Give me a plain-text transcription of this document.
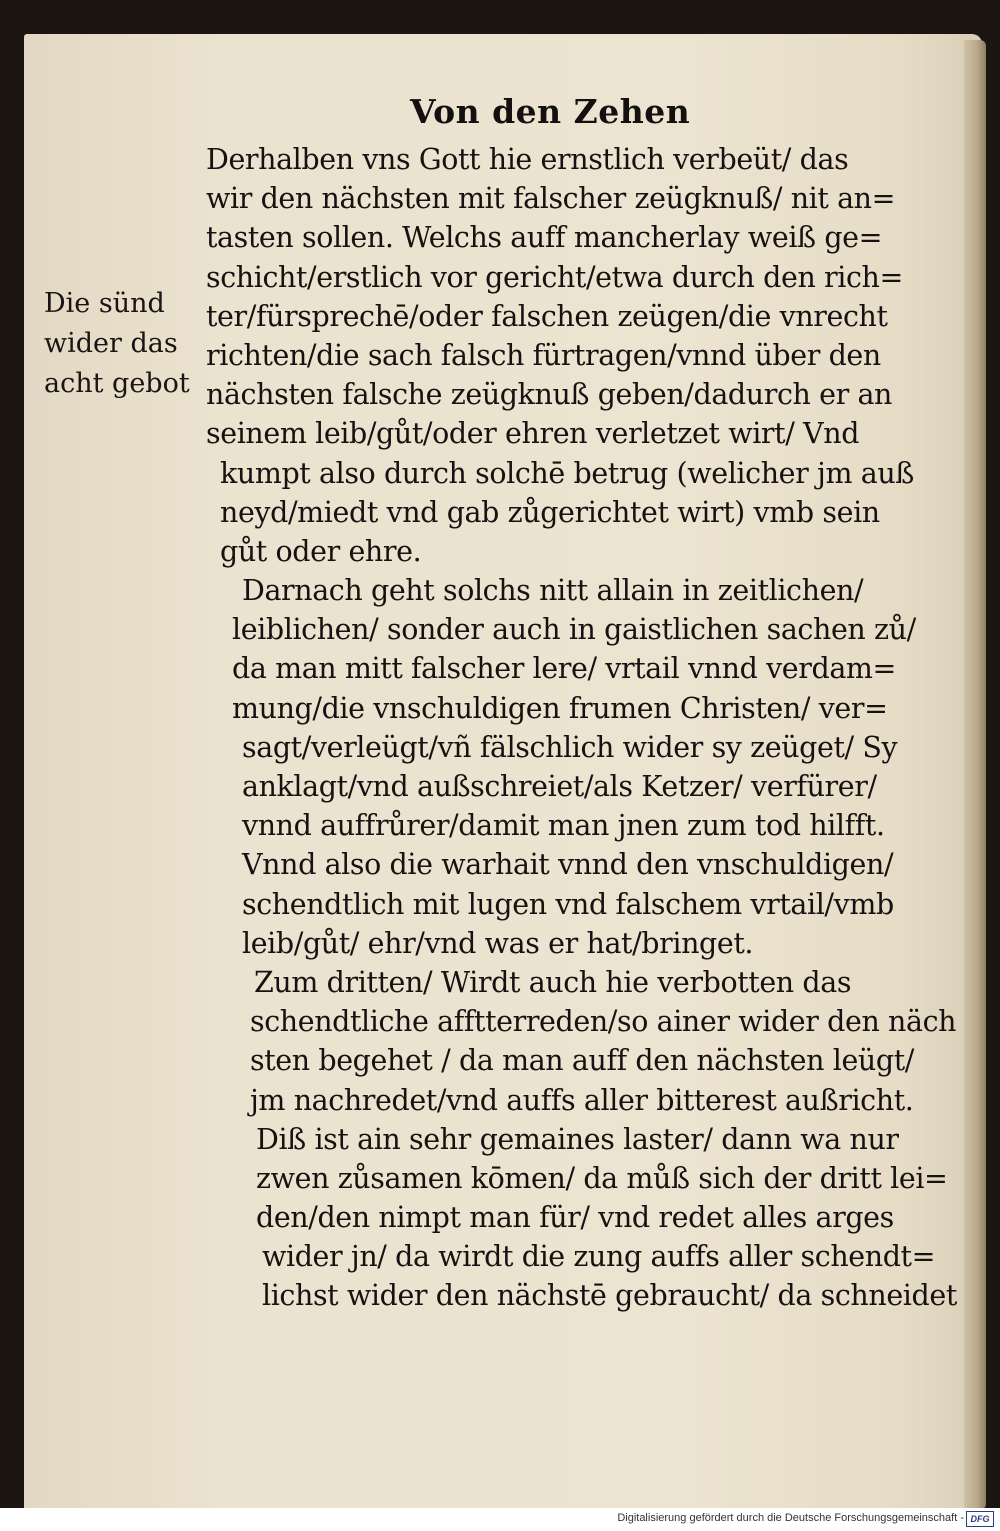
Von den Zehen
Die sünd
wider das
acht gebot
Derhalben vns Gott hie ernstlich verbeüt/ das
wir den nächsten mit falscher zeügknuß/ nit an=
tasten sollen. Welchs auff mancherlay weiß ge=
schicht/erstlich vor gericht/etwa durch den rich=
ter/fürsprechē/oder falschen zeügen/die vnrecht
richten/die sach falsch fürtragen/vnnd über den
nächsten falsche zeügknuß geben/dadurch er an
seinem leib/gůt/oder ehren verletzet wirt/ Vnd
kumpt also durch solchē betrug (welicher jm auß
neyd/miedt vnd gab zůgerichtet wirt) vmb sein
gůt oder ehre.
Darnach geht solchs nitt allain in zeitlichen/
leiblichen/ sonder auch in gaistlichen sachen zů/
da man mitt falscher lere/ vrtail vnnd verdam=
mung/die vnschuldigen frumen Christen/ ver=
sagt/verleügt/vñ fälschlich wider sy zeüget/ Sy
anklagt/vnd außschreiet/als Ketzer/ verfürer/
vnnd auffrůrer/damit man jnen zum tod hilfft.
Vnnd also die warhait vnnd den vnschuldigen/
schendtlich mit lugen vnd falschem vrtail/vmb
leib/gůt/ ehr/vnd was er hat/bringet.
Zum dritten/ Wirdt auch hie verbotten das
schendtliche afftterreden/so ainer wider den näch
sten begehet / da man auff den nächsten leügt/
jm nachredet/vnd auffs aller bitterest außricht.
Diß ist ain sehr gemaines laster/ dann wa nur
zwen zůsamen kōmen/ da můß sich der dritt lei=
den/den nimpt man für/ vnd redet alles arges
wider jn/ da wirdt die zung auffs aller schendt=
lichst wider den nächstē gebraucht/ da schneidet
Digitalisierung gefördert durch die Deutsche Forschungsgemeinschaft - DFG
